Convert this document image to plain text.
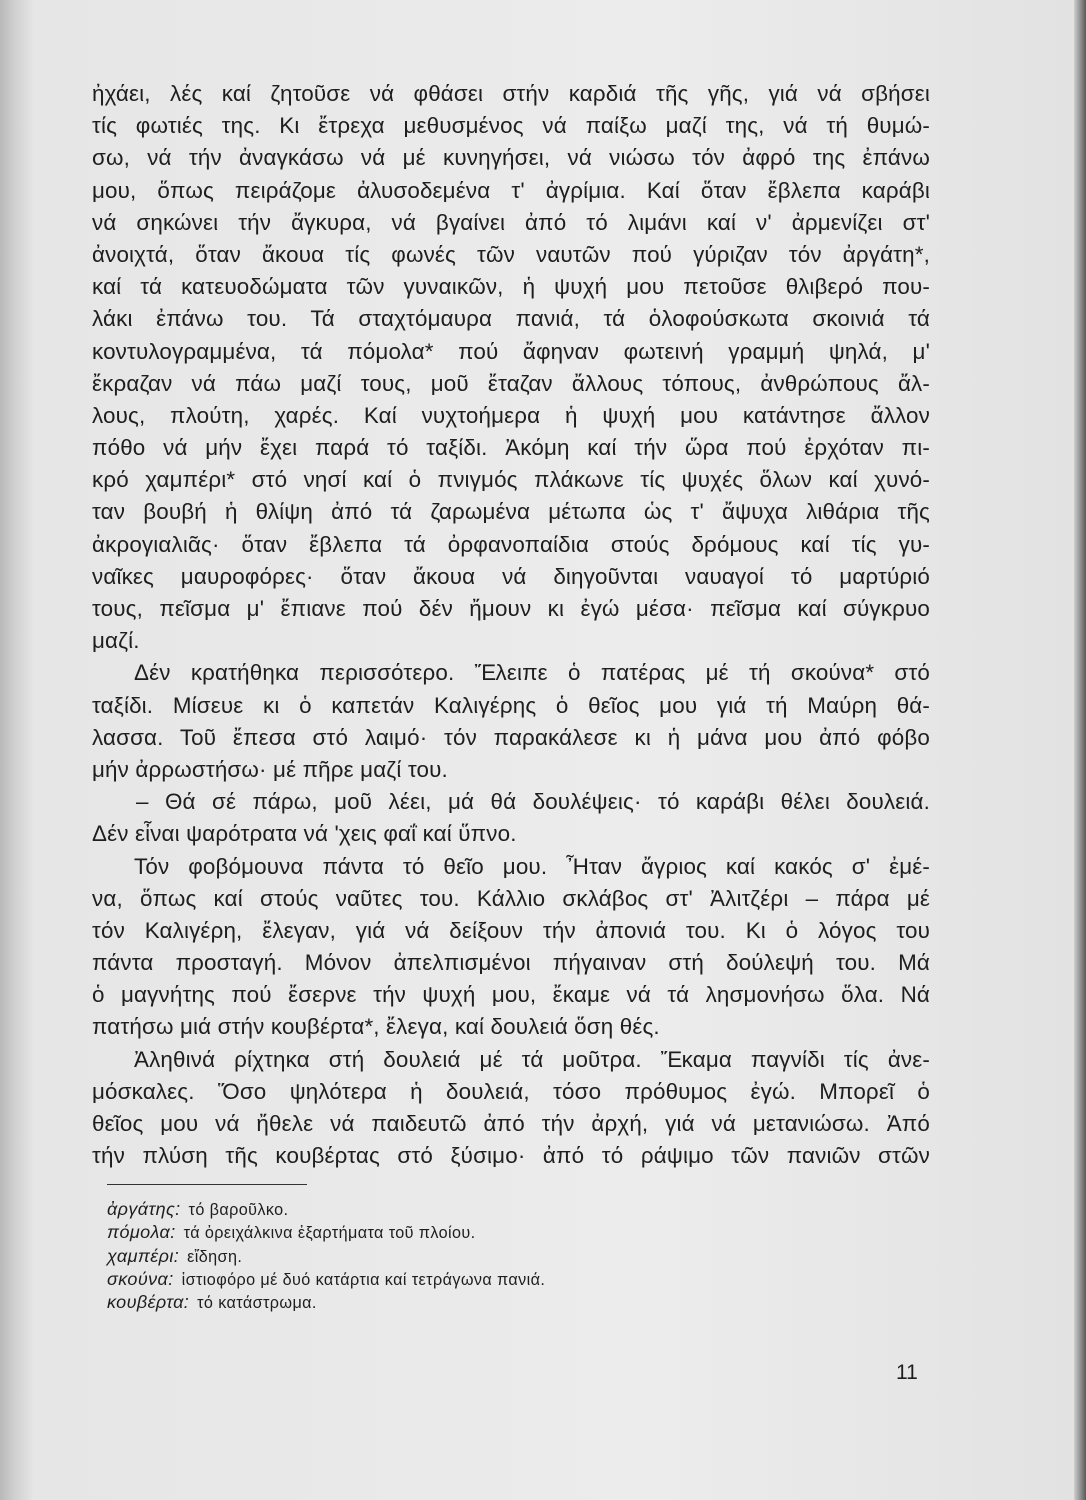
ἠχάει, λές καί ζητοῦσε νά φθάσει στήν καρδιά τῆς γῆς, γιά νά σβήσει
τίς φωτιές της. Κι ἔτρεχα μεθυσμένος νά παίξω μαζί της, νά τή θυμώ-
σω, νά τήν ἀναγκάσω νά μέ κυνηγήσει, νά νιώσω τόν ἀφρό της ἐπάνω
μου, ὅπως πειράζομε ἀλυσοδεμένα τ' ἀγρίμια. Καί ὅταν ἔβλεπα καράβι
νά σηκώνει τήν ἄγκυρα, νά βγαίνει ἀπό τό λιμάνι καί ν' ἀρμενίζει στ'
ἀνοιχτά, ὅταν ἄκουα τίς φωνές τῶν ναυτῶν πού γύριζαν τόν ἀργάτη*,
καί τά κατευοδώματα τῶν γυναικῶν, ἡ ψυχή μου πετοῦσε θλιβερό που-
λάκι ἐπάνω του. Τά σταχτόμαυρα πανιά, τά ὁλοφούσκωτα σκοινιά τά
κοντυλογραμμένα, τά πόμολα* πού ἄφηναν φωτεινή γραμμή ψηλά, μ'
ἔκραζαν νά πάω μαζί τους, μοῦ ἔταζαν ἄλλους τόπους, ἀνθρώπους ἄλ-
λους, πλούτη, χαρές. Καί νυχτοήμερα ἡ ψυχή μου κατάντησε ἄλλον
πόθο νά μήν ἔχει παρά τό ταξίδι. Ἀκόμη καί τήν ὥρα πού ἐρχόταν πι-
κρό χαμπέρι* στό νησί καί ὁ πνιγμός πλάκωνε τίς ψυχές ὅλων καί χυνό-
ταν βουβή ἡ θλίψη ἀπό τά ζαρωμένα μέτωπα ὡς τ' ἄψυχα λιθάρια τῆς
ἀκρογιαλιᾶς· ὅταν ἔβλεπα τά ὀρφανοπαίδια στούς δρόμους καί τίς γυ-
ναῖκες μαυροφόρες· ὅταν ἄκουα νά διηγοῦνται ναυαγοί τό μαρτύριό
τους, πεῖσμα μ' ἔπιανε πού δέν ἤμουν κι ἐγώ μέσα· πεῖσμα καί σύγκρυο
μαζί.
Δέν κρατήθηκα περισσότερο. Ἔλειπε ὁ πατέρας μέ τή σκούνα* στό
ταξίδι. Μίσευε κι ὁ καπετάν Καλιγέρης ὁ θεῖος μου γιά τή Μαύρη θά-
λασσα. Τοῦ ἔπεσα στό λαιμό· τόν παρακάλεσε κι ἡ μάνα μου ἀπό φόβο
μήν ἀρρωστήσω· μέ πῆρε μαζί του.
– Θά σέ πάρω, μοῦ λέει, μά θά δουλέψεις· τό καράβι θέλει δουλειά.
Δέν εἶναι ψαρότρατα νά 'χεις φαΐ καί ὕπνο.
Τόν φοβόμουνα πάντα τό θεῖο μου. Ἦταν ἄγριος καί κακός σ' ἐμέ-
να, ὅπως καί στούς ναῦτες του. Κάλλιο σκλάβος στ' Ἀλιτζέρι – πάρα μέ
τόν Καλιγέρη, ἔλεγαν, γιά νά δείξουν τήν ἀπονιά του. Κι ὁ λόγος του
πάντα προσταγή. Μόνον ἀπελπισμένοι πήγαιναν στή δούλεψή του. Μά
ὁ μαγνήτης πού ἔσερνε τήν ψυχή μου, ἔκαμε νά τά λησμονήσω ὅλα. Νά
πατήσω μιά στήν κουβέρτα*, ἔλεγα, καί δουλειά ὅση θές.
Ἀληθινά ρίχτηκα στή δουλειά μέ τά μοῦτρα. Ἔκαμα παγνίδι τίς ἀνε-
μόσκαλες. Ὅσο ψηλότερα ἡ δουλειά, τόσο πρόθυμος ἐγώ. Μπορεῖ ὁ
θεῖος μου νά ἤθελε νά παιδευτῶ ἀπό τήν ἀρχή, γιά νά μετανιώσω. Ἀπό
τήν πλύση τῆς κουβέρτας στό ξύσιμο· ἀπό τό ράψιμο τῶν πανιῶν στῶν
ἀργάτης: τό βαροῦλκο.
πόμολα: τά ὀρειχάλκινα ἐξαρτήματα τοῦ πλοίου.
χαμπέρι: εἴδηση.
σκούνα: ἱστιοφόρο μέ δυό κατάρτια καί τετράγωνα πανιά.
κουβέρτα: τό κατάστρωμα.
11
